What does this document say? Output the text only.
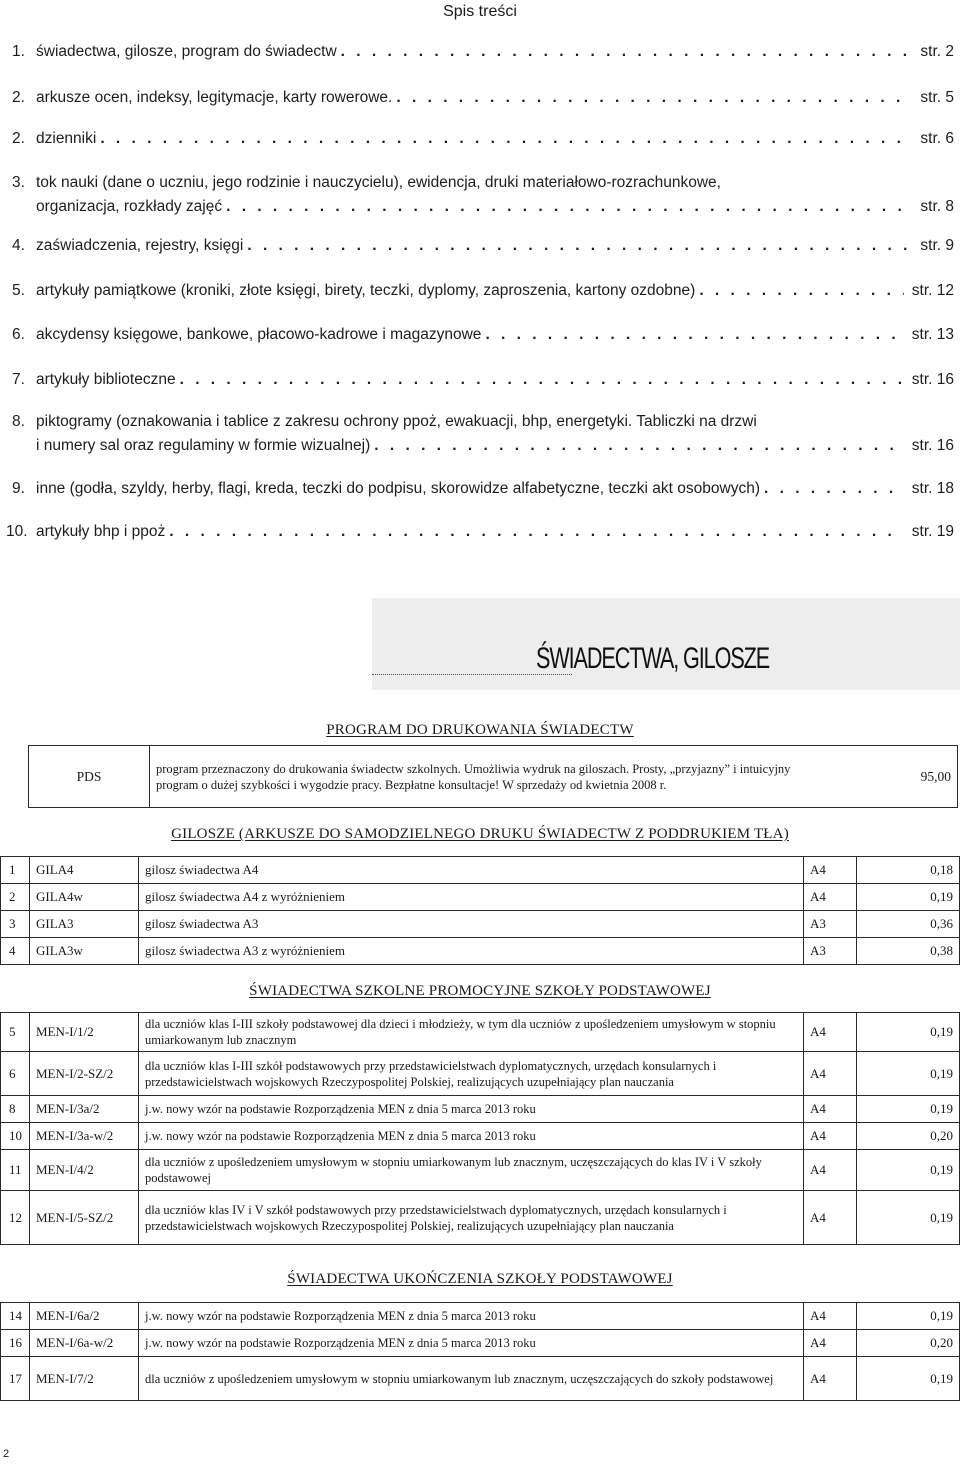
Spis treści
1. świadectwa, gilosze, program do świadectw . . .	str. 2
2. arkusze ocen, indeksy, legitymacje, karty rowerowe. . . .	str. 5
2. dzienniki . . .	str. 6
3. tok nauki (dane o uczniu, jego rodzinie i nauczycielu), ewidencja, druki materiałowo-rozrachunkowe,
organizacja, rozkłady zajęć . . .	str. 8
4. zaświadczenia, rejestry, księgi . . .	str. 9
5. artykuły pamiątkowe (kroniki, złote księgi, birety, teczki, dyplomy, zaproszenia, kartony ozdobne) . . .	str. 12
6. akcydensy księgowe, bankowe, płacowo-kadrowe i magazynowe . . .	str. 13
7. artykuły biblioteczne . . .	str. 16
8. piktogramy (oznakowania i tablice z zakresu ochrony ppoż, ewakuacji, bhp, energetyki. Tabliczki na drzwi
i numery sal oraz regulaminy w formie wizualnej) . . .	str. 16
9. inne (godła, szyldy, herby, flagi, kreda, teczki do podpisu, skorowidze alfabetyczne, teczki akt osobowych) . . .	str. 18
10. artykuły bhp i ppoż . . .	str. 19
ŚWIADECTWA, GILOSZE
PROGRAM DO DRUKOWANIA ŚWIADECTW
PDS	program przeznaczony do drukowania świadectw szkolnych. Umożliwia wydruk na giloszach. Prosty, „przyjazny” i intuicyjny program o dużej szybkości i wygodzie pracy. Bezpłatne konsultacje! W sprzedaży od kwietnia 2008 r.	95,00
GILOSZE (ARKUSZE DO SAMODZIELNEGO DRUKU ŚWIADECTW Z PODDRUKIEM TŁA)
1	GILA4	gilosz świadectwa A4	A4	0,18
2	GILA4w	gilosz świadectwa A4 z wyróżnieniem	A4	0,19
3	GILA3	gilosz świadectwa A3	A3	0,36
4	GILA3w	gilosz świadectwa A3 z wyróżnieniem	A3	0,38
ŚWIADECTWA SZKOLNE PROMOCYJNE SZKOŁY PODSTAWOWEJ
5	MEN-I/1/2	dla uczniów klas I-III szkoły podstawowej dla dzieci i młodzieży, w tym dla uczniów z upośledzeniem umysłowym w stopniu umiarkowanym lub znacznym	A4	0,19
6	MEN-I/2-SZ/2	dla uczniów klas I-III szkół podstawowych przy przedstawicielstwach dyplomatycznych, urzędach konsularnych i przedstawicielstwach wojskowych Rzeczypospolitej Polskiej, realizujących uzupełniający plan nauczania	A4	0,19
8	MEN-I/3a/2	j.w. nowy wzór na podstawie Rozporządzenia MEN z dnia 5 marca 2013 roku	A4	0,19
10	MEN-I/3a-w/2	j.w. nowy wzór na podstawie Rozporządzenia MEN z dnia 5 marca 2013 roku	A4	0,20
11	MEN-I/4/2	dla uczniów z upośledzeniem umysłowym w stopniu umiarkowanym lub znacznym, uczęszczających do klas IV i V szkoły podstawowej	A4	0,19
12	MEN-I/5-SZ/2	dla uczniów klas IV i V szkół podstawowych przy przedstawicielstwach dyplomatycznych, urzędach konsularnych i przedstawicielstwach wojskowych Rzeczypospolitej Polskiej, realizujących uzupełniający plan nauczania	A4	0,19
ŚWIADECTWA UKOŃCZENIA SZKOŁY PODSTAWOWEJ
14	MEN-I/6a/2	j.w. nowy wzór na podstawie Rozporządzenia MEN z dnia 5 marca 2013 roku	A4	0,19
16	MEN-I/6a-w/2	j.w. nowy wzór na podstawie Rozporządzenia MEN z dnia 5 marca 2013 roku	A4	0,20
17	MEN-I/7/2	dla uczniów z upośledzeniem umysłowym w stopniu umiarkowanym lub znacznym, uczęszczających do szkoły podstawowej	A4	0,19
2
